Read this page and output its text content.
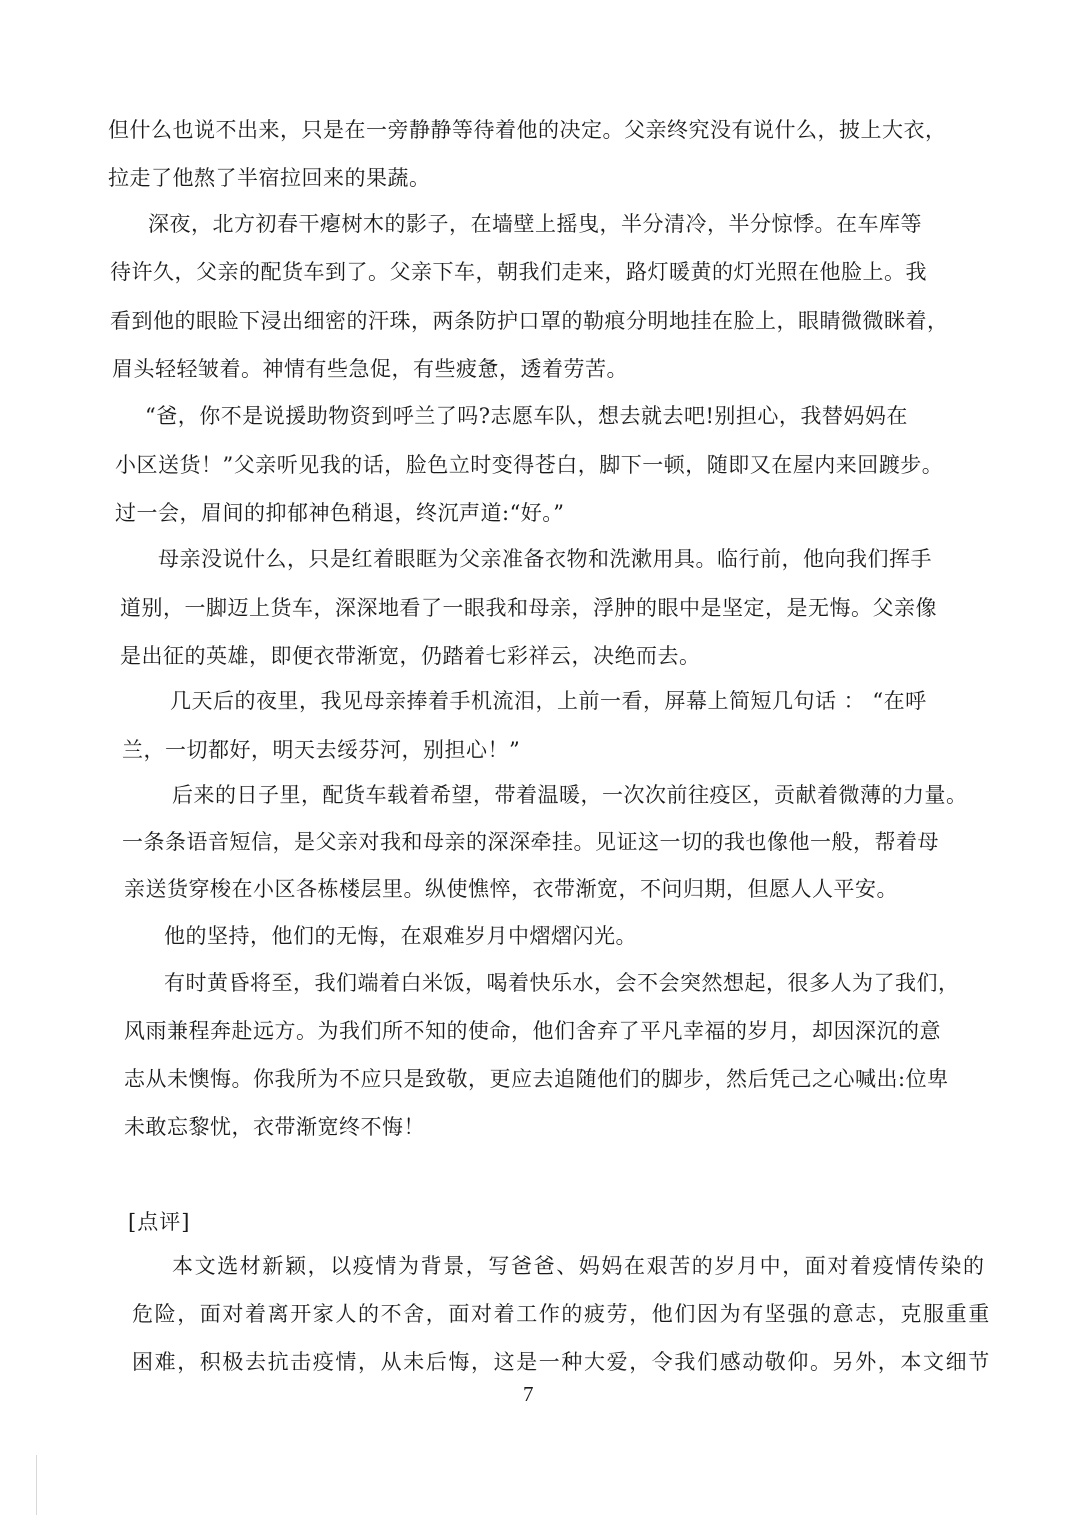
但什么也说不出来，只是在一旁静静等待着他的决定。父亲终究没有说什么，披上大衣，
拉走了他熬了半宿拉回来的果蔬。
深夜，北方初春干瘪树木的影子，在墙壁上摇曳，半分清冷，半分惊悸。在车库等
待许久，父亲的配货车到了。父亲下车，朝我们走来，路灯暖黄的灯光照在他脸上。我
看到他的眼睑下浸出细密的汗珠，两条防护口罩的勒痕分明地挂在脸上，眼睛微微眯着，
眉头轻轻皱着。神情有些急促，有些疲惫，透着劳苦。
“爸，你不是说援助物资到呼兰了吗?志愿车队，想去就去吧!别担心，我替妈妈在
小区送货！”父亲听见我的话，脸色立时变得苍白，脚下一顿，随即又在屋内来回踱步。
过一会，眉间的抑郁神色稍退，终沉声道:“好。”
母亲没说什么，只是红着眼眶为父亲准备衣物和洗漱用具。临行前，他向我们挥手
道别，一脚迈上货车，深深地看了一眼我和母亲，浮肿的眼中是坚定，是无悔。父亲像
是出征的英雄，即便衣带渐宽，仍踏着七彩祥云，决绝而去。
几天后的夜里，我见母亲捧着手机流泪，上前一看，屏幕上简短几句话 ： “在呼
兰，一切都好，明天去绥芬河，别担心！”
后来的日子里，配货车载着希望，带着温暖，一次次前往疫区，贡献着微薄的力量。
一条条语音短信，是父亲对我和母亲的深深牵挂。见证这一切的我也像他一般，帮着母
亲送货穿梭在小区各栋楼层里。纵使憔悴，衣带渐宽，不问归期，但愿人人平安。
他的坚持，他们的无悔，在艰难岁月中熠熠闪光。
有时黄昏将至，我们端着白米饭，喝着快乐水，会不会突然想起，很多人为了我们，
风雨兼程奔赴远方。为我们所不知的使命，他们舍弃了平凡幸福的岁月，却因深沉的意
志从未懊悔。你我所为不应只是致敬，更应去追随他们的脚步，然后凭己之心喊出:位卑
未敢忘黎忧，衣带渐宽终不悔！
[点评]
本文选材新颖，以疫情为背景，写爸爸、妈妈在艰苦的岁月中，面对着疫情传染的
危险，面对着离开家人的不舍，面对着工作的疲劳，他们因为有坚强的意志，克服重重
困难，积极去抗击疫情，从未后悔，这是一种大爱，令我们感动敬仰。另外，本文细节
7
